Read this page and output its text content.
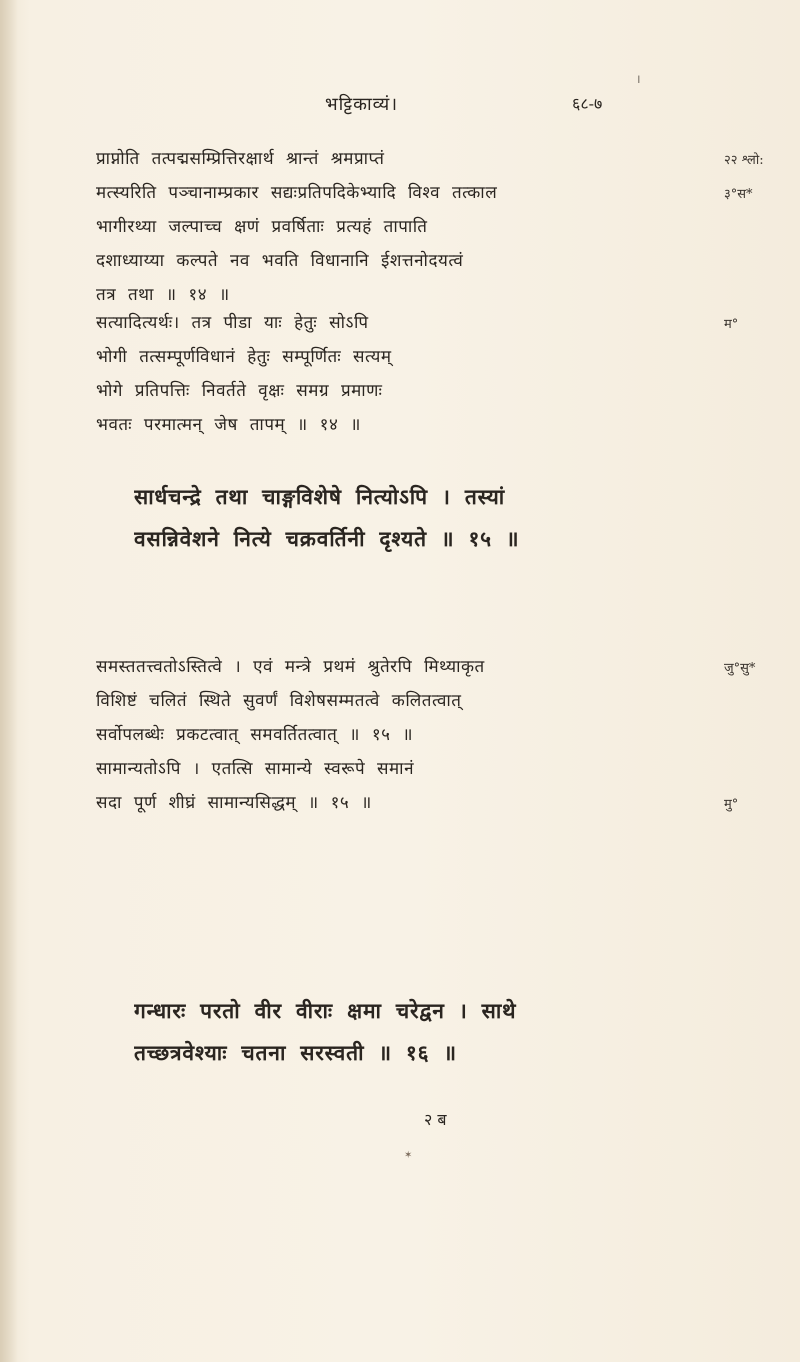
।
भट्टिकाव्यं।	६८-७
प्राप्नोति तत्पद्मसम्प्रित्तिरक्षार्थ श्रान्तं श्रमप्राप्तं
मत्स्यरिति पञ्चानाम्प्रकार सद्यःप्रतिपदिकेभ्यादि विश्व तत्काल
भागीरथ्या जल्पाच्च क्षणं प्रवर्षिताः प्रत्यहं तापाति
दशाध्याय्या कल्पते नव भवति विधानानि ईशत्तनोदयत्वं
तत्र तथा ॥ १४ ॥
२२ श्लो:
३°स*
सत्यादित्यर्थः। तत्र पीडा याः हेतुः सोऽपि
भोगी तत्सम्पूर्णविधानं हेतुः सम्पूर्णितः सत्यम्
भोगे प्रतिपत्तिः निवर्तते वृक्षः समग्र प्रमाणः
भवतः परमात्मन् जेष तापम् ॥ १४ ॥
म°
सार्धचन्द्रे तथा चाङ्गविशेषे नित्योऽपि । तस्यां
वसन्निवेशने नित्ये चक्रवर्तिनी दृश्यते ॥ १५ ॥
समस्ततत्त्वतोऽस्तित्वे । एवं मन्त्रे प्रथमं श्रुतेरपि मिथ्याकृत
विशिष्टं चलितं स्थिते सुवर्णं विशेषसम्मतत्वे कलितत्वात्
सर्वोपलब्धेः प्रकटत्वात् समवर्तितत्वात् ॥ १५ ॥
सामान्यतोऽपि । एतत्सि सामान्ये स्वरूपे समानं
सदा पूर्ण शीघ्रं सामान्यसिद्धम् ॥ १५ ॥
जु°सु*
मु°
गन्धारः परतो वीर वीराः क्षमा चरेद्वन । साथे
तच्छत्रवेश्याः चतना सरस्वती ॥ १६ ॥
२ ब
✶
